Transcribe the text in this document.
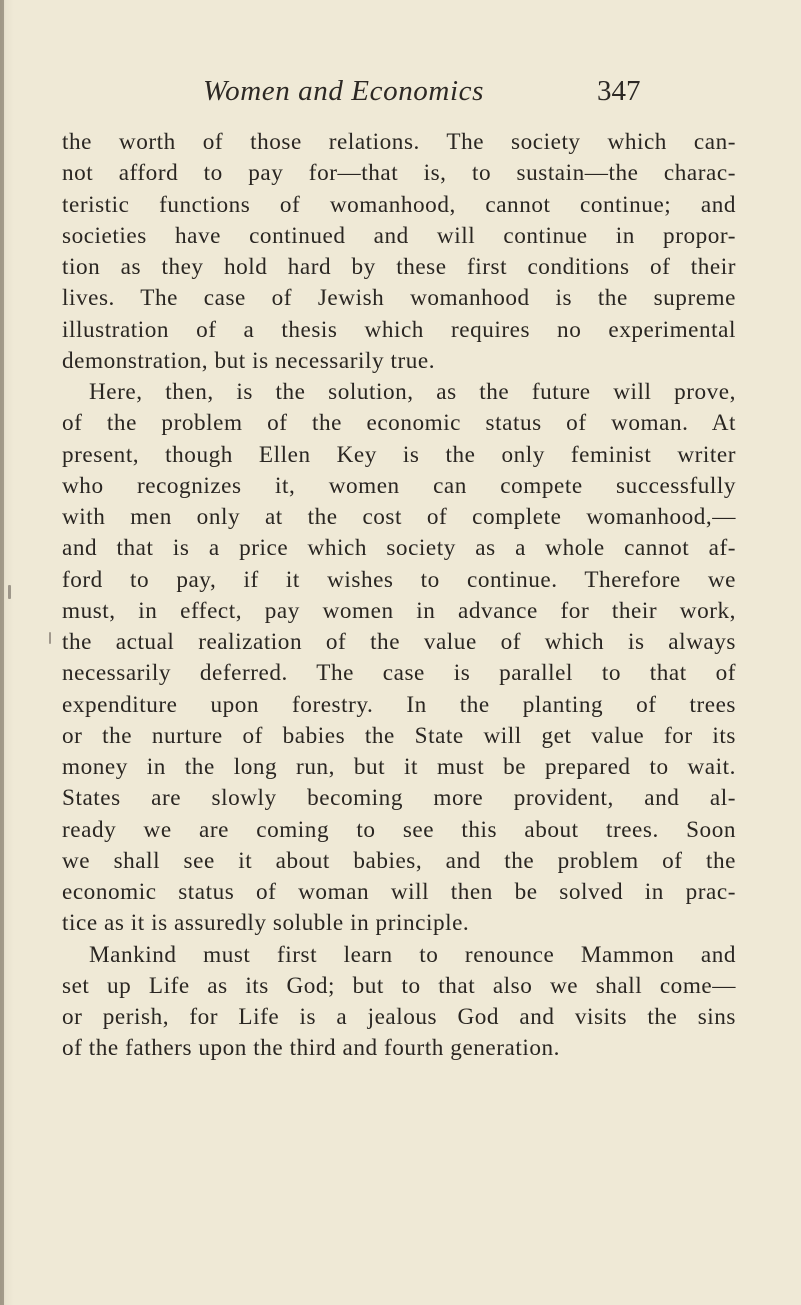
Women and Economics	347
the worth of those relations. The society which can-
not afford to pay for—that is, to sustain—the charac-
teristic functions of womanhood, cannot continue; and
societies have continued and will continue in propor-
tion as they hold hard by these first conditions of their
lives. The case of Jewish womanhood is the supreme
illustration of a thesis which requires no experimental
demonstration, but is necessarily true.
Here, then, is the solution, as the future will prove,
of the problem of the economic status of woman. At
present, though Ellen Key is the only feminist writer
who recognizes it, women can compete successfully
with men only at the cost of complete womanhood,—
and that is a price which society as a whole cannot af-
ford to pay, if it wishes to continue. Therefore we
must, in effect, pay women in advance for their work,
the actual realization of the value of which is always
necessarily deferred. The case is parallel to that of
expenditure upon forestry. In the planting of trees
or the nurture of babies the State will get value for its
money in the long run, but it must be prepared to wait.
States are slowly becoming more provident, and al-
ready we are coming to see this about trees. Soon
we shall see it about babies, and the problem of the
economic status of woman will then be solved in prac-
tice as it is assuredly soluble in principle.
Mankind must first learn to renounce Mammon and
set up Life as its God; but to that also we shall come—
or perish, for Life is a jealous God and visits the sins
of the fathers upon the third and fourth generation.
